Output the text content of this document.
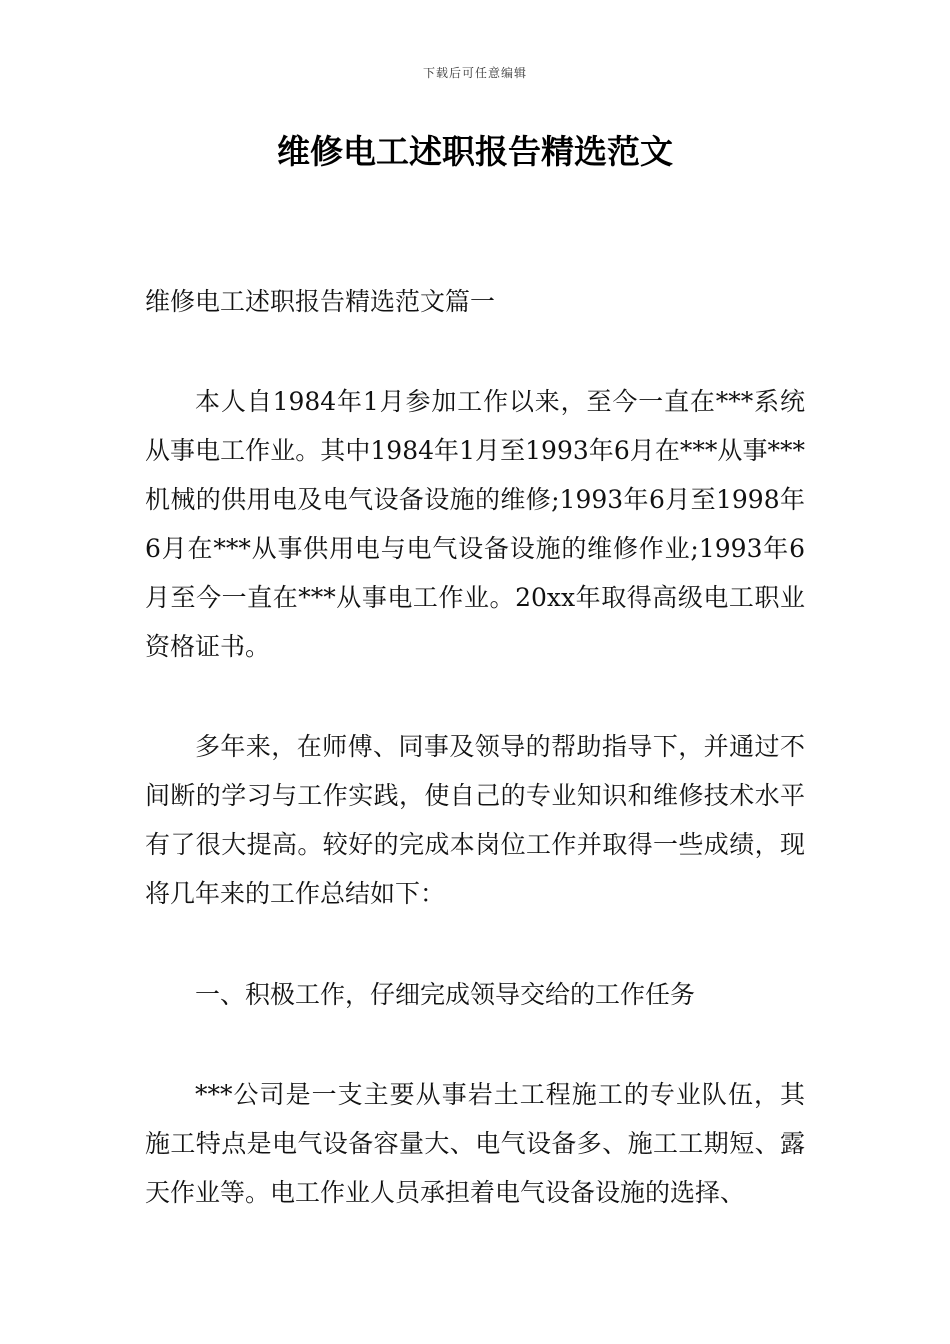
下载后可任意编辑
维修电工述职报告精选范文

维修电工述职报告精选范文篇一

本人自1984年1月参加工作以来，至今一直在***系统从事电工作业。其中1984年1月至1993年6月在***从事***机械的供用电及电气设备设施的维修;1993年6月至1998年6月在***从事供用电与电气设备设施的维修作业;1993年6月至今一直在***从事电工作业。20xx年取得高级电工职业资格证书。

多年来，在师傅、同事及领导的帮助指导下，并通过不间断的学习与工作实践，使自己的专业知识和维修技术水平有了很大提高。较好的完成本岗位工作并取得一些成绩，现将几年来的工作总结如下：

一、积极工作，仔细完成领导交给的工作任务

***公司是一支主要从事岩土工程施工的专业队伍，其施工特点是电气设备容量大、电气设备多、施工工期短、露天作业等。电工作业人员承担着电气设备设施的选择、
